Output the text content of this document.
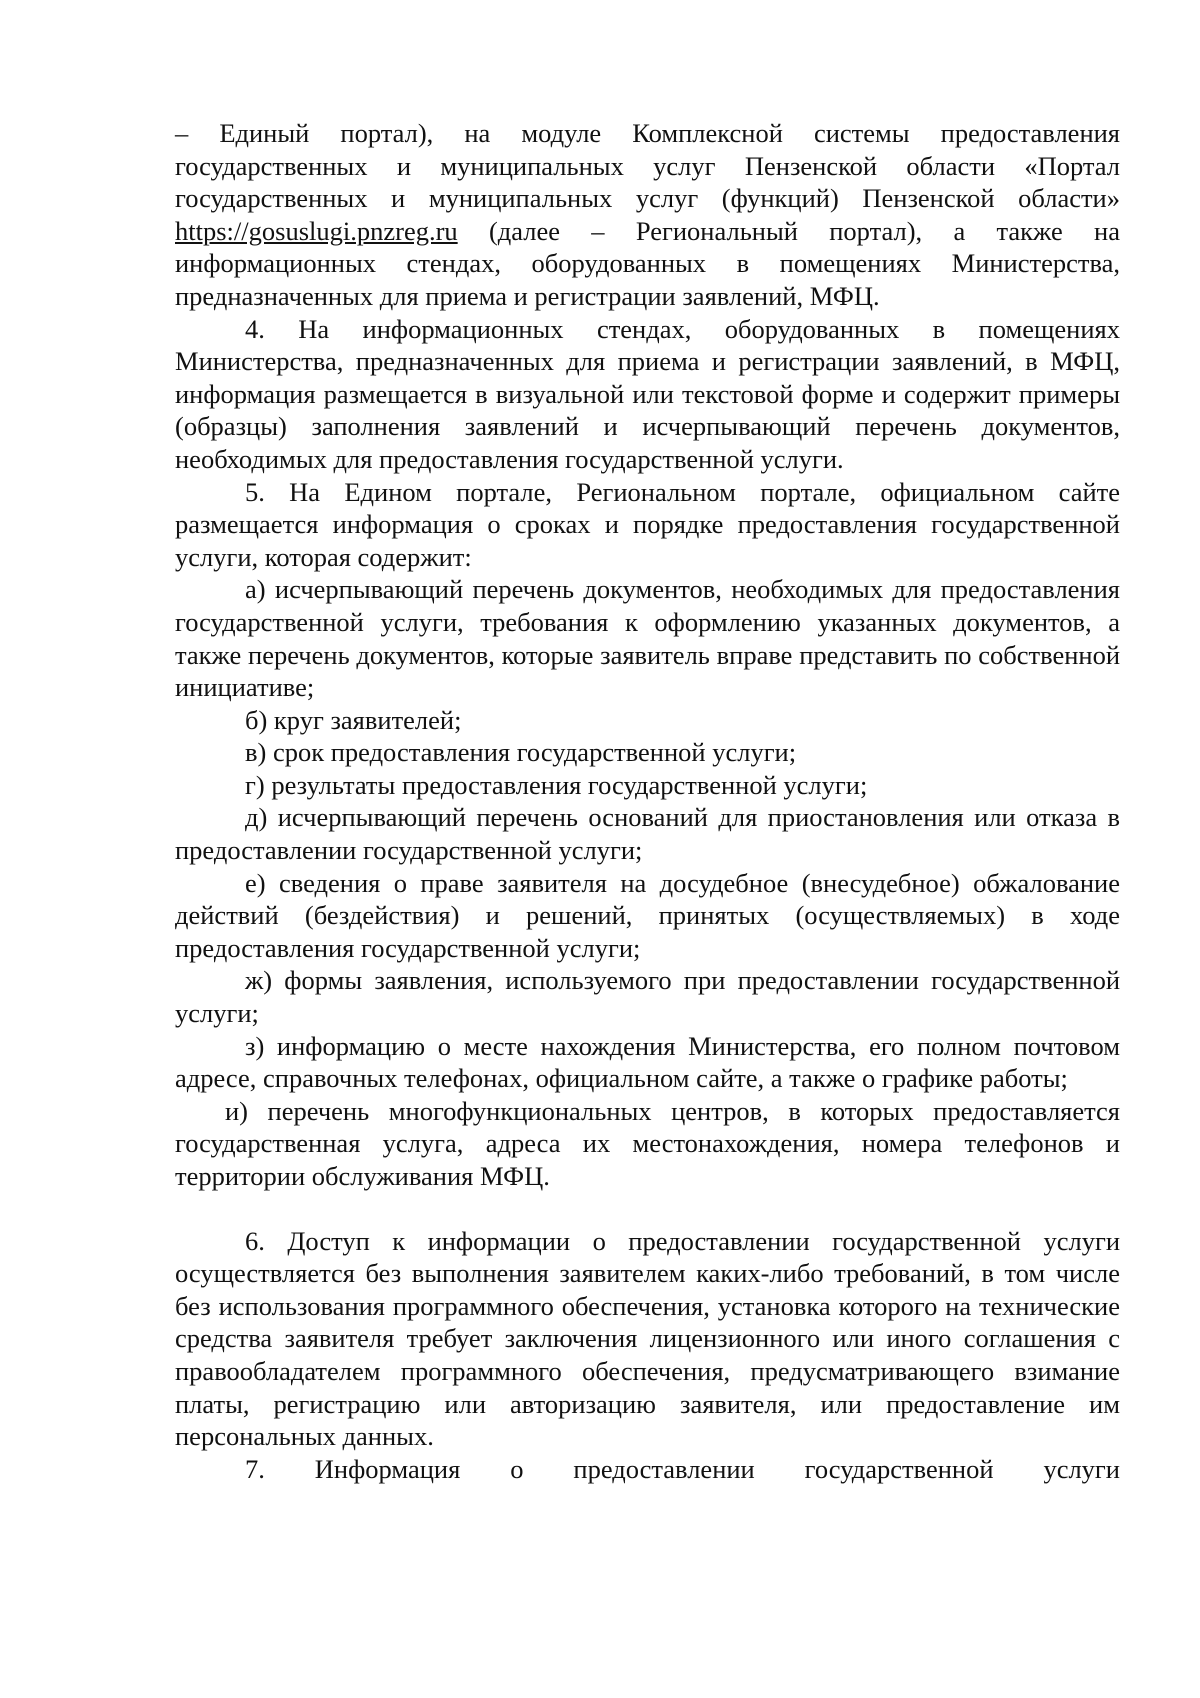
– Единый портал), на модуле Комплексной системы предоставления государственных и муниципальных услуг Пензенской области «Портал государственных и муниципальных услуг (функций) Пензенской области» https://gosuslugi.pnzreg.ru (далее – Региональный портал), а также на информационных стендах, оборудованных в помещениях Министерства, предназначенных для приема и регистрации заявлений, МФЦ.

4. На информационных стендах, оборудованных в помещениях Министерства, предназначенных для приема и регистрации заявлений, в МФЦ, информация размещается в визуальной или текстовой форме и содержит примеры (образцы) заполнения заявлений и исчерпывающий перечень документов, необходимых для предоставления государственной услуги.

5. На Едином портале, Региональном портале, официальном сайте размещается информация о сроках и порядке предоставления государственной услуги, которая содержит:

а) исчерпывающий перечень документов, необходимых для предоставления государственной услуги, требования к оформлению указанных документов, а также перечень документов, которые заявитель вправе представить по собственной инициативе;

б) круг заявителей;

в) срок предоставления государственной услуги;

г) результаты предоставления государственной услуги;

д) исчерпывающий перечень оснований для приостановления или отказа в предоставлении государственной услуги;

е) сведения о праве заявителя на досудебное (внесудебное) обжалование действий (бездействия) и решений, принятых (осуществляемых) в ходе предоставления государственной услуги;

ж) формы заявления, используемого при предоставлении государственной услуги;

з) информацию о месте нахождения Министерства, его полном почтовом адресе, справочных телефонах, официальном сайте, а также о графике работы;

и) перечень многофункциональных центров, в которых предоставляется государственная услуга, адреса их местонахождения, номера телефонов и территории обслуживания МФЦ.

6. Доступ к информации о предоставлении государственной услуги осуществляется без выполнения заявителем каких-либо требований, в том числе без использования программного обеспечения, установка которого на технические средства заявителя требует заключения лицензионного или иного соглашения с правообладателем программного обеспечения, предусматривающего взимание платы, регистрацию или авторизацию заявителя, или предоставление им персональных данных.

7. Информация о предоставлении государственной услуги
